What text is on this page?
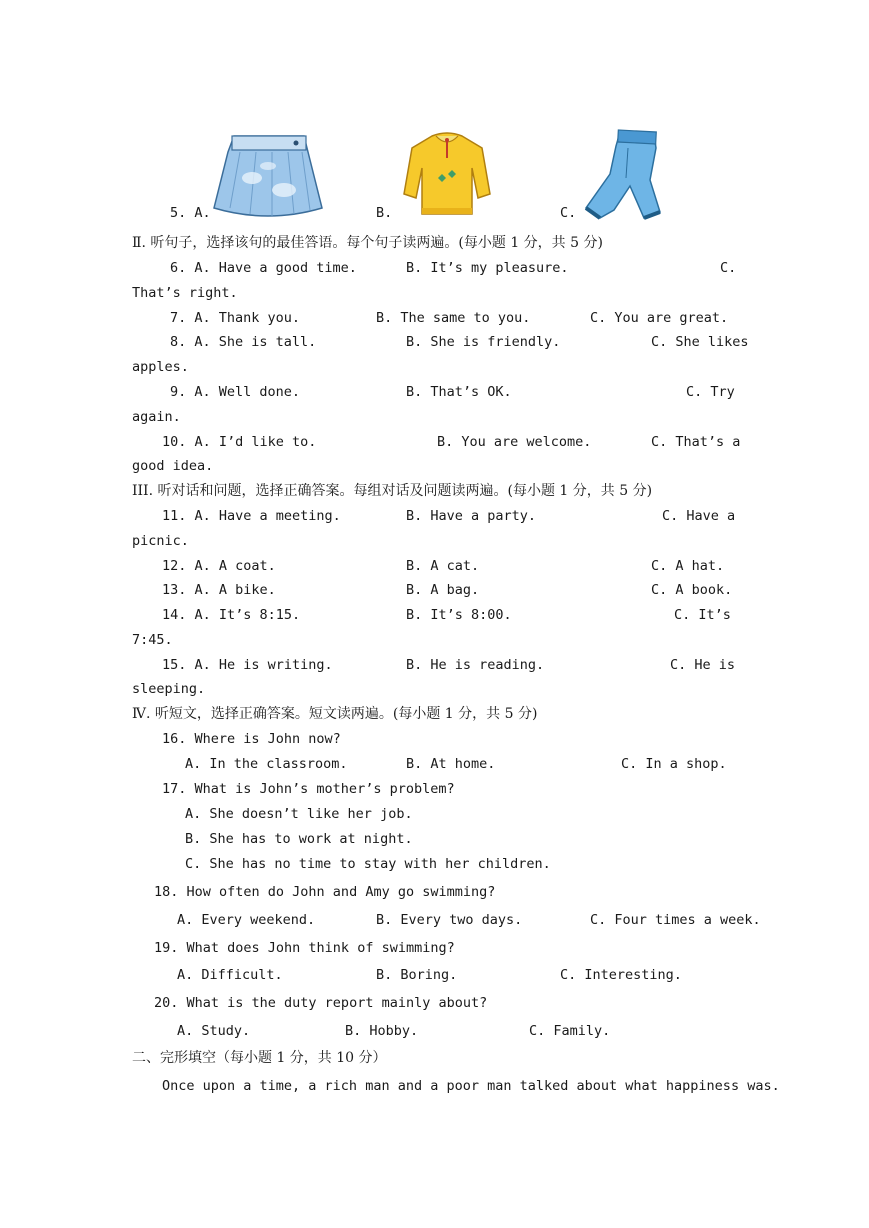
5. A.	B.	C.
Ⅱ. 听句子，选择该句的最佳答语。每个句子读两遍。(每小题 1 分，共 5 分)
6. A. Have a good time.	B. It’s my pleasure.	C.
That’s right.
7. A. Thank you.	B. The same to you.	C. You are great.
8. A. She is tall.	B. She is friendly.	C. She likes
apples.
9. A. Well done.	B. That’s OK.	C. Try
again.
10. A. I’d like to.	B. You are welcome.	C. That’s a
good idea.
III. 听对话和问题，选择正确答案。每组对话及问题读两遍。(每小题 1 分，共 5 分)
11. A. Have a meeting.	B. Have a party.	C. Have a
picnic.
12. A. A coat.	B. A cat.	C. A hat.
13. A. A bike.	B. A bag.	C. A book.
14. A. It’s 8:15.	B. It’s 8:00.	C. It’s
7:45.
15. A. He is writing.	B. He is reading.	C. He is
sleeping.
Ⅳ. 听短文，选择正确答案。短文读两遍。(每小题 1 分，共 5 分)
16. Where is John now?
A. In the classroom.	B. At home.	C. In a shop.
17. What is John’s mother’s problem?
A. She doesn’t like her job.
B. She has to work at night.
C. She has no time to stay with her children.
18. How often do John and Amy go swimming?
A. Every weekend.	B. Every two days.	C. Four times a week.
19. What does John think of swimming?
A. Difficult.	B. Boring.	C. Interesting.
20. What is the duty report mainly about?
A. Study.	B. Hobby.	C. Family.
二、完形填空（每小题 1 分，共 10 分）
Once upon a time, a rich man and a poor man talked about what happiness was.
